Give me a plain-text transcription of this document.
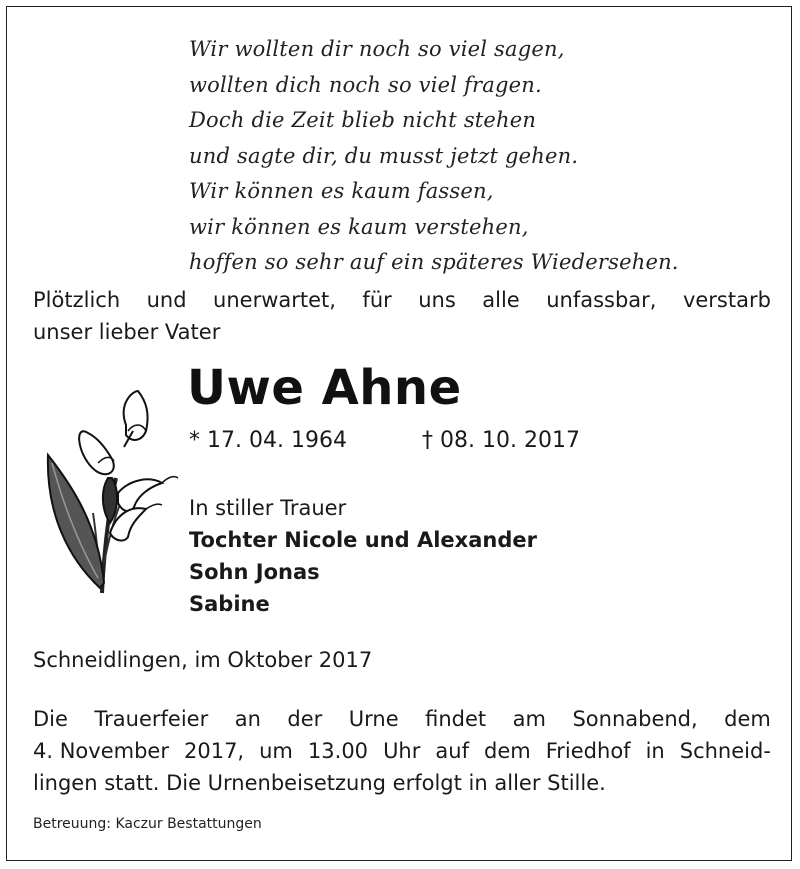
Wir wollten dir noch so viel sagen,
wollten dich noch so viel fragen.
Doch die Zeit blieb nicht stehen
und sagte dir, du musst jetzt gehen.
Wir können es kaum fassen,
wir können es kaum verstehen,
hoffen so sehr auf ein späteres Wiedersehen.
Plötzlich und unerwartet, für uns alle unfassbar, verstarb
unser lieber Vater
Uwe Ahne
* 17. 04. 1964	† 08. 10. 2017
In stiller Trauer
Tochter Nicole und Alexander
Sohn Jonas
Sabine
Schneidlingen, im Oktober 2017
Die Trauerfeier an der Urne findet am Sonnabend, dem
4. November 2017, um 13.00 Uhr auf dem Friedhof in Schneid-
lingen statt. Die Urnenbeisetzung erfolgt in aller Stille.
Betreuung: Kaczur Bestattungen
